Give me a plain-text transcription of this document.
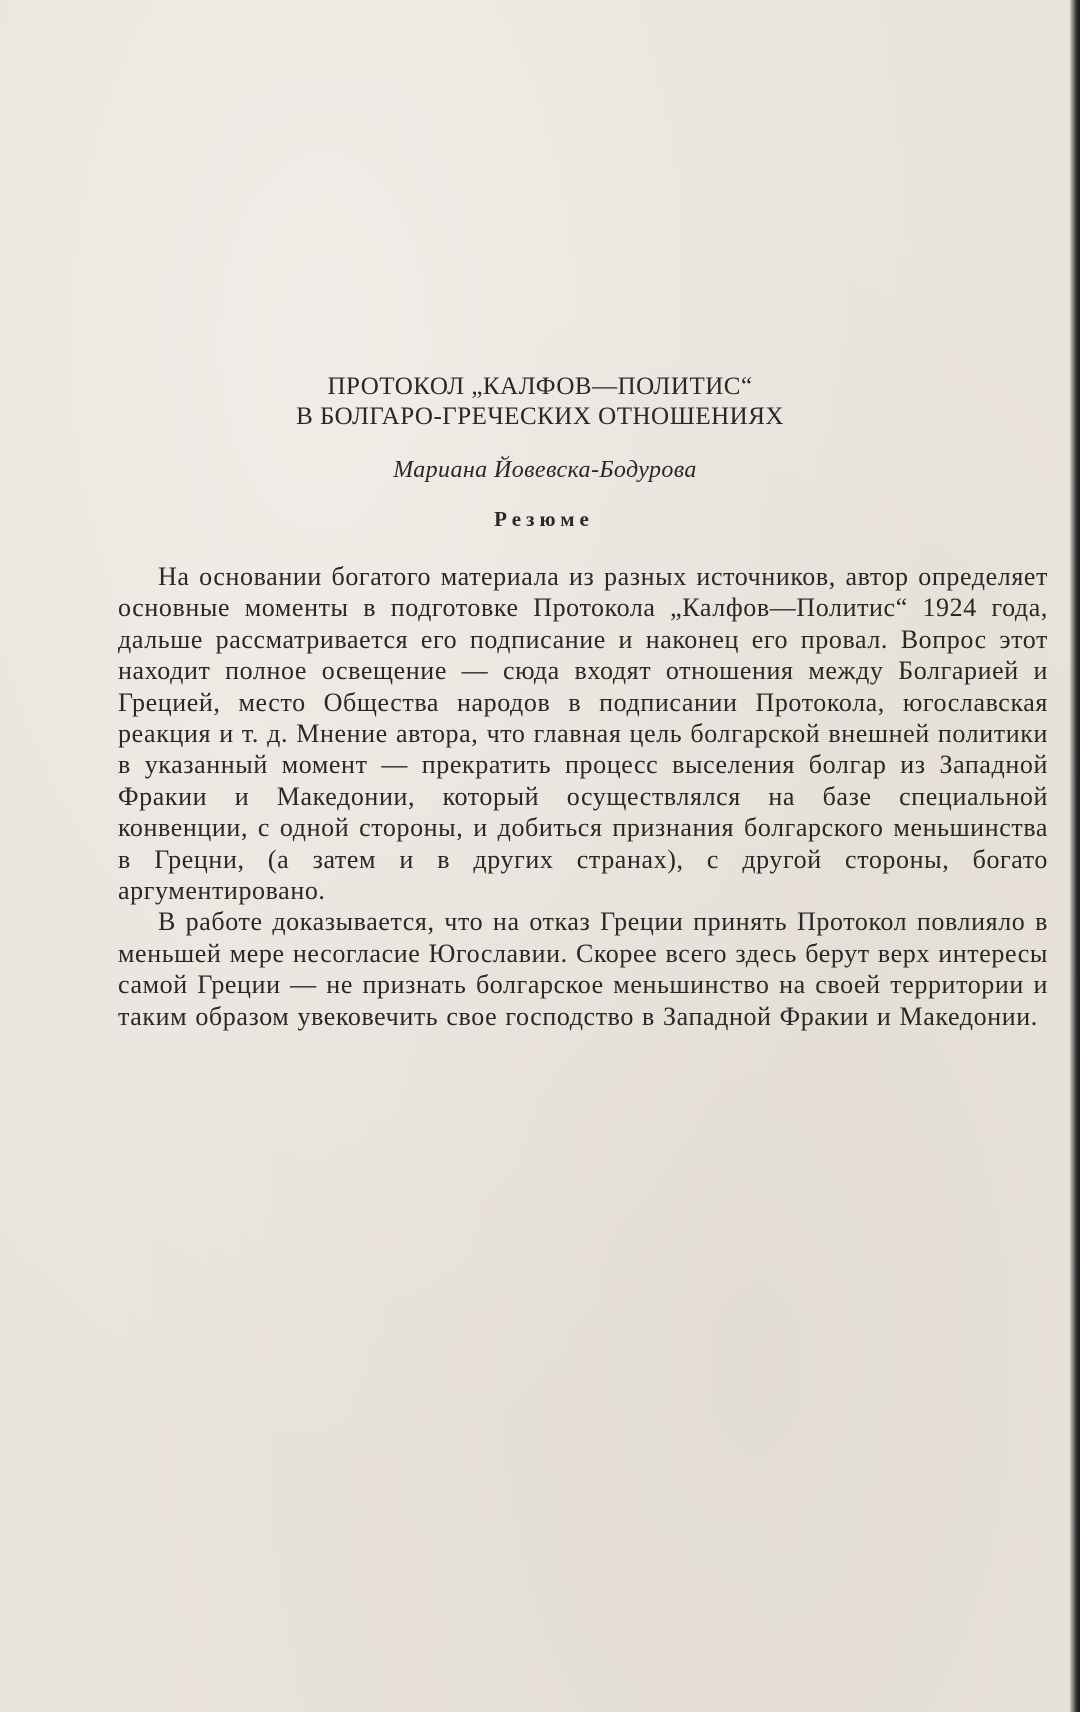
ПРОТОКОЛ „КАЛФОВ—ПОЛИТИС“
В БОЛГАРО-ГРЕЧЕСКИХ ОТНОШЕНИЯХ
Мариана Йовевска-Бодурова
Резюме

На основании богатого материала из разных источников, автор определяет основные моменты в подготовке Протокола „Калфов—Политис“ 1924 года, дальше рассматривается его подписание и наконец его провал. Вопрос этот находит полное освещение — сюда входят отношения между Болгарией и Грецией, место Общества народов в подписании Протокола, югославская реакция и т. д. Мнение автора, что главная цель болгарской внешней политики в указанный момент — прекратить процесс выселения болгар из Западной Фракии и Македонии, который осуществлялся на базе специальной конвенции, с одной стороны, и добиться признания болгарского меньшинства в Грецни, (а затем и в других странах), с другой стороны, богато аргументировано.

В работе доказывается, что на отказ Греции принять Протокол повлияло в меньшей мере несогласие Югославии. Скорее всего здесь берут верх интересы самой Греции — не признать болгарское меньшинство на своей территории и таким образом увековечить свое господство в Западной Фракии и Македонии.
